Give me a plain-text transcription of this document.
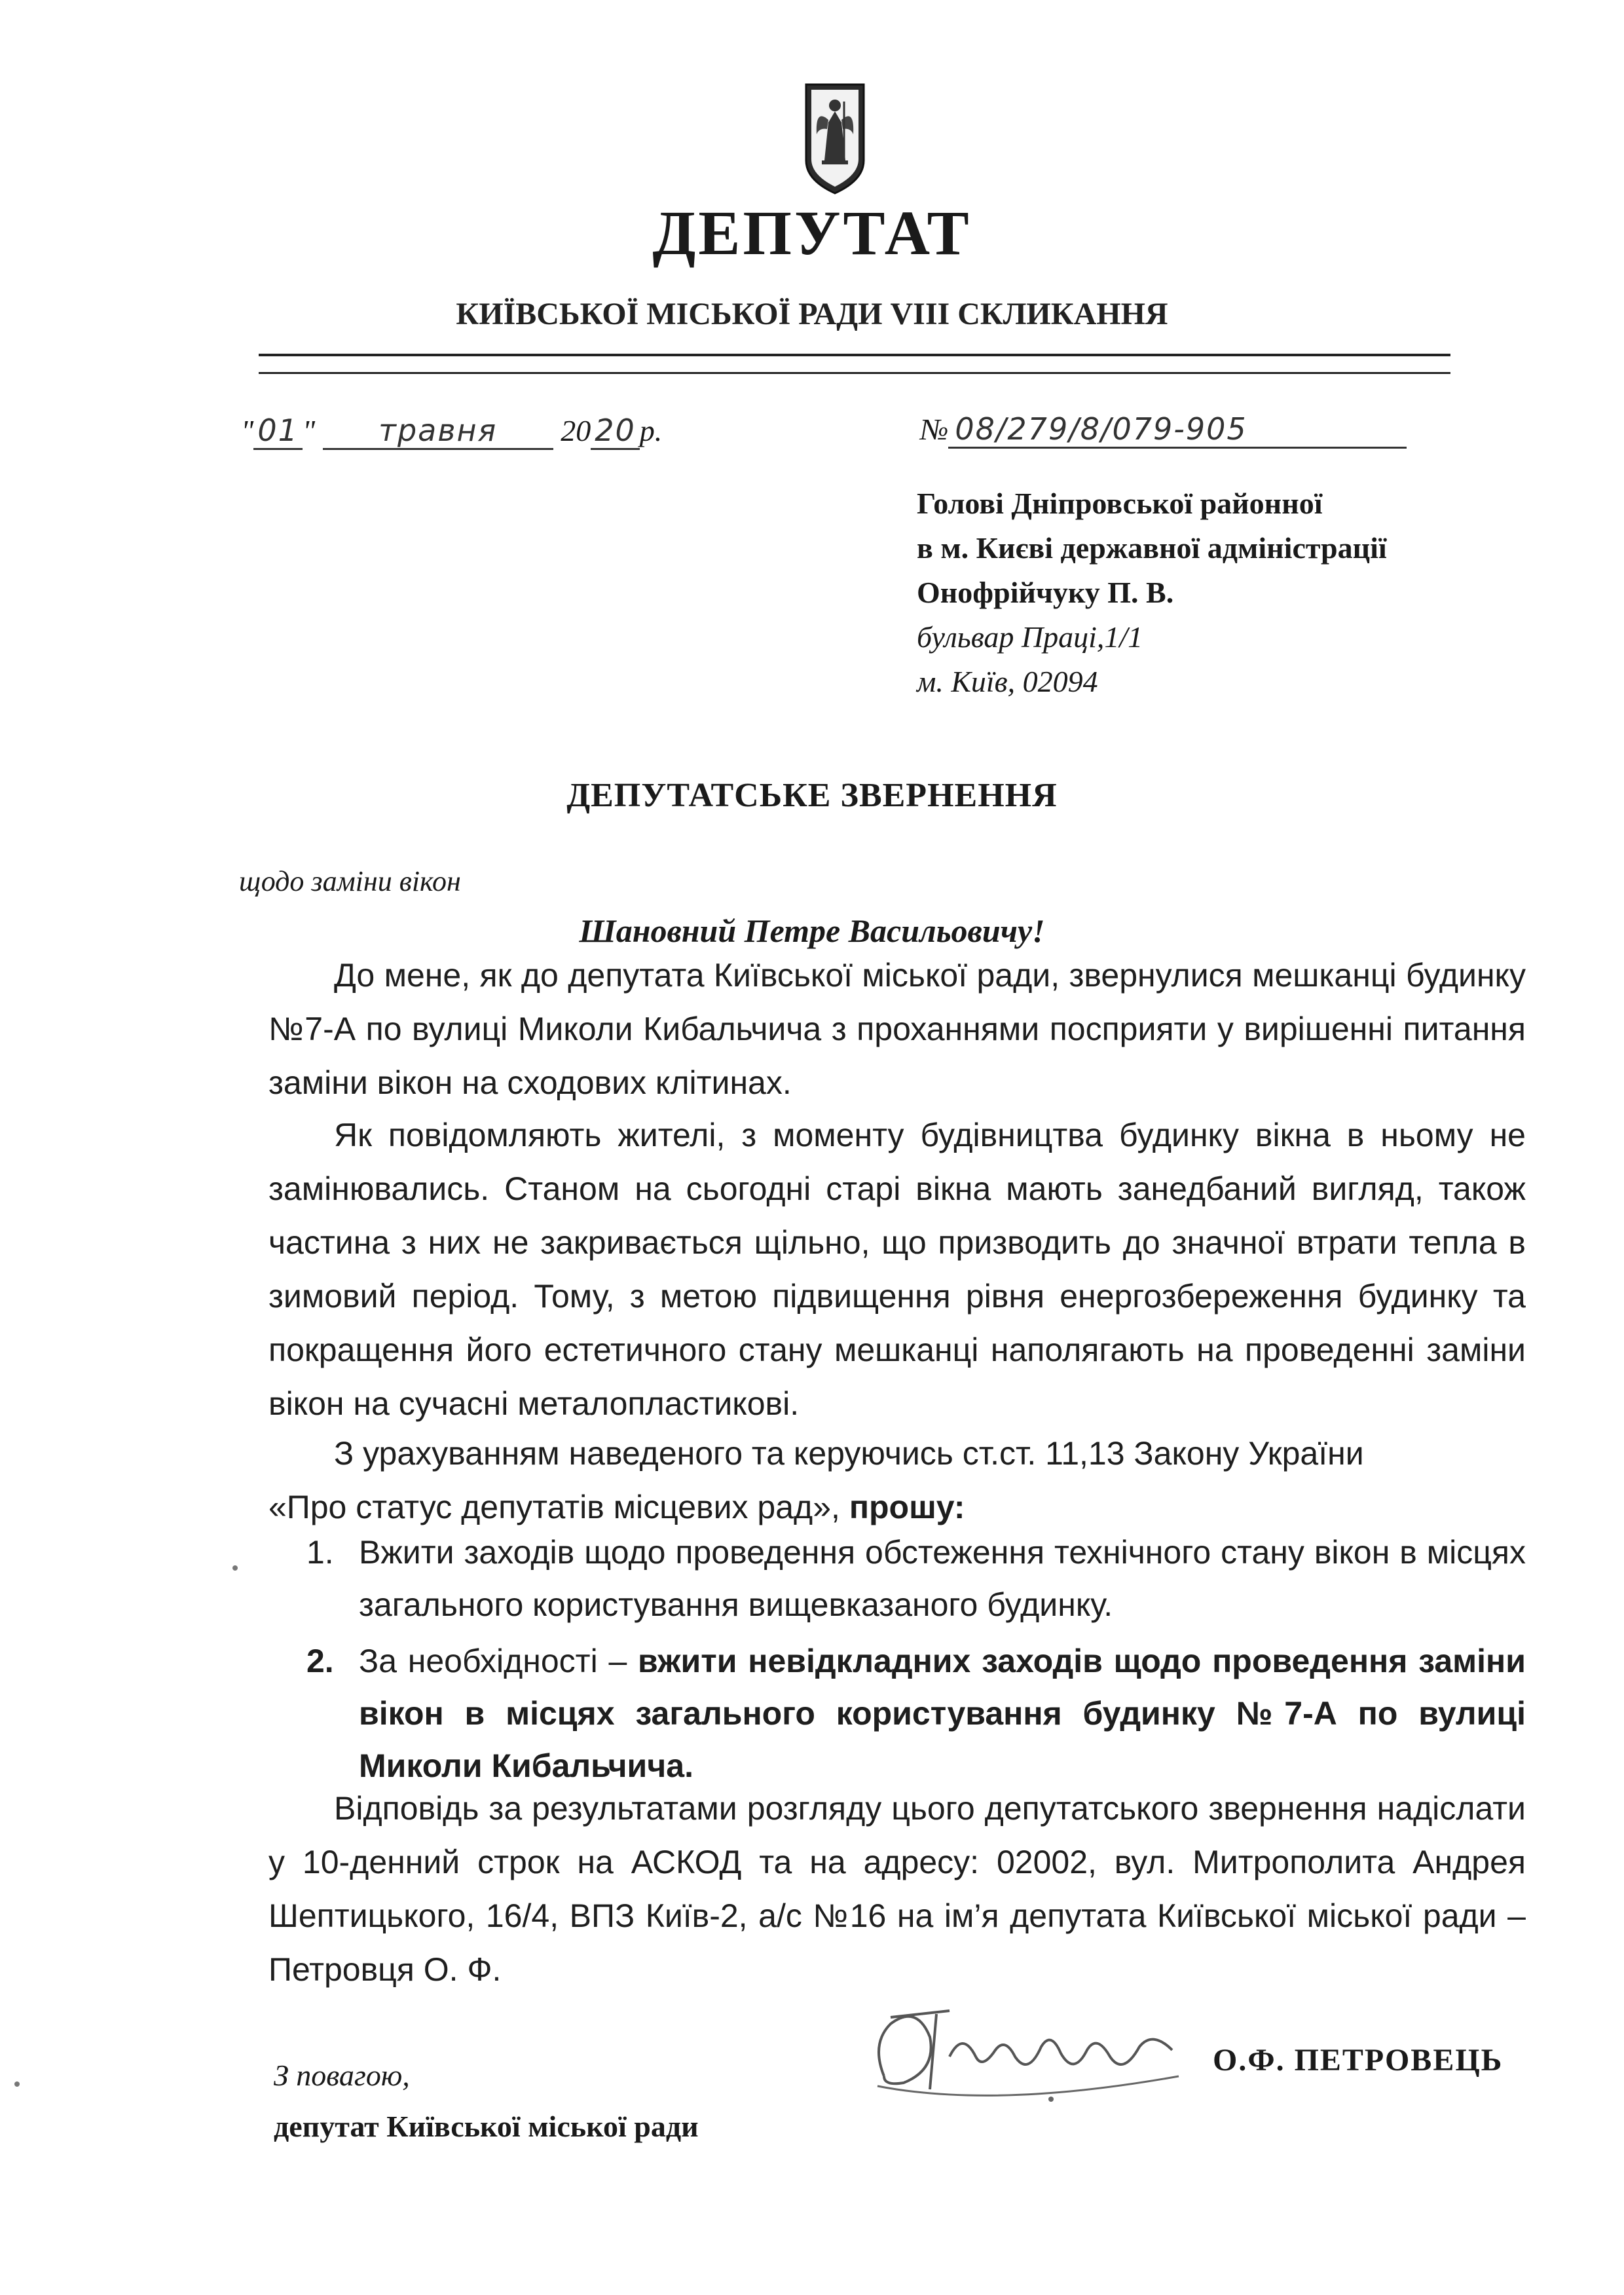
ДЕПУТАТ
КИЇВСЬКОЇ МІСЬКОЇ РАДИ VIII СКЛИКАННЯ
" 01 " травня 20 20 р.	№ 08/279/8/079-905
Голові Дніпровської районної
в м. Києві державної адміністрації
Онофрійчуку П. В.
бульвар Праці,1/1
м. Київ, 02094
ДЕПУТАТСЬКЕ ЗВЕРНЕННЯ
щодо заміни вікон
Шановний Петре Васильовичу!

До мене, як до депутата Київської міської ради, звернулися мешканці будинку №7-А по вулиці Миколи Кибальчича з проханнями посприяти у вирішенні питання заміни вікон на сходових клітинах.

Як повідомляють жителі, з моменту будівництва будинку вікна в ньому не замінювались. Станом на сьогодні старі вікна мають занедбаний вигляд, також частина з них не закривається щільно, що призводить до значної втрати тепла в зимовий період. Тому, з метою підвищення рівня енергозбереження будинку та покращення його естетичного стану мешканці наполягають на проведенні заміни вікон на сучасні металопластикові.

З урахуванням наведеного та керуючись ст.ст. 11,13 Закону України

«Про статус депутатів місцевих рад», прошу:
1. Вжити заходів щодо проведення обстеження технічного стану вікон в місцях загального користування вищевказаного будинку.
2. За необхідності – вжити невідкладних заходів щодо проведення заміни вікон в місцях загального користування будинку №7-А по вулиці Миколи Кибальчича.

Відповідь за результатами розгляду цього депутатського звернення надіслати у 10-денний строк на АСКОД та на адресу: 02002, вул. Митрополита Андрея Шептицького, 16/4, ВПЗ Київ-2, а/с №16 на ім’я депутата Київської міської ради – Петровця О. Ф.

З повагою,
депутат Київської міської ради
О.Ф. ПЕТРОВЕЦЬ
